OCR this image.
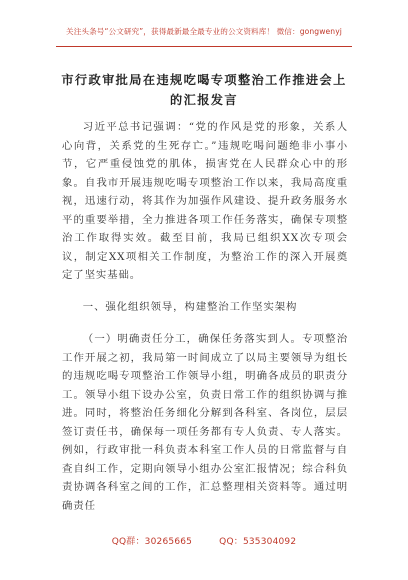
关注头条号“公文研究”，获得最新最全最专业的公文资料库！ 微信：gongwenyj
市行政审批局在违规吃喝专项整治工作推进会上的汇报发言
习近平总书记强调：“党的作风是党的形象，关系人心向背，关系党的生死存亡。”违规吃喝问题绝非小事小节，它严重侵蚀党的肌体，损害党在人民群众心中的形象。自我市开展违规吃喝专项整治工作以来，我局高度重视，迅速行动，将其作为加强作风建设、提升政务服务水平的重要举措，全力推进各项工作任务落实，确保专项整治工作取得实效。截至目前，我局已组织XX次专项会议，制定XX项相关工作制度，为整治工作的深入开展奠定了坚实基础。
一、强化组织领导，构建整治工作坚实架构
（一）明确责任分工，确保任务落实到人。专项整治工作开展之初，我局第一时间成立了以局主要领导为组长的违规吃喝专项整治工作领导小组，明确各成员的职责分工。领导小组下设办公室，负责日常工作的组织协调与推进。同时，将整治任务细化分解到各科室、各岗位，层层签订责任书，确保每一项任务都有专人负责、专人落实。例如，行政审批一科负责本科室工作人员的日常监督与自查自纠工作，定期向领导小组办公室汇报情况；综合科负责协调各科室之间的工作，汇总整理相关资料等。通过明确责任
QQ群：30265665	QQ：535304092
